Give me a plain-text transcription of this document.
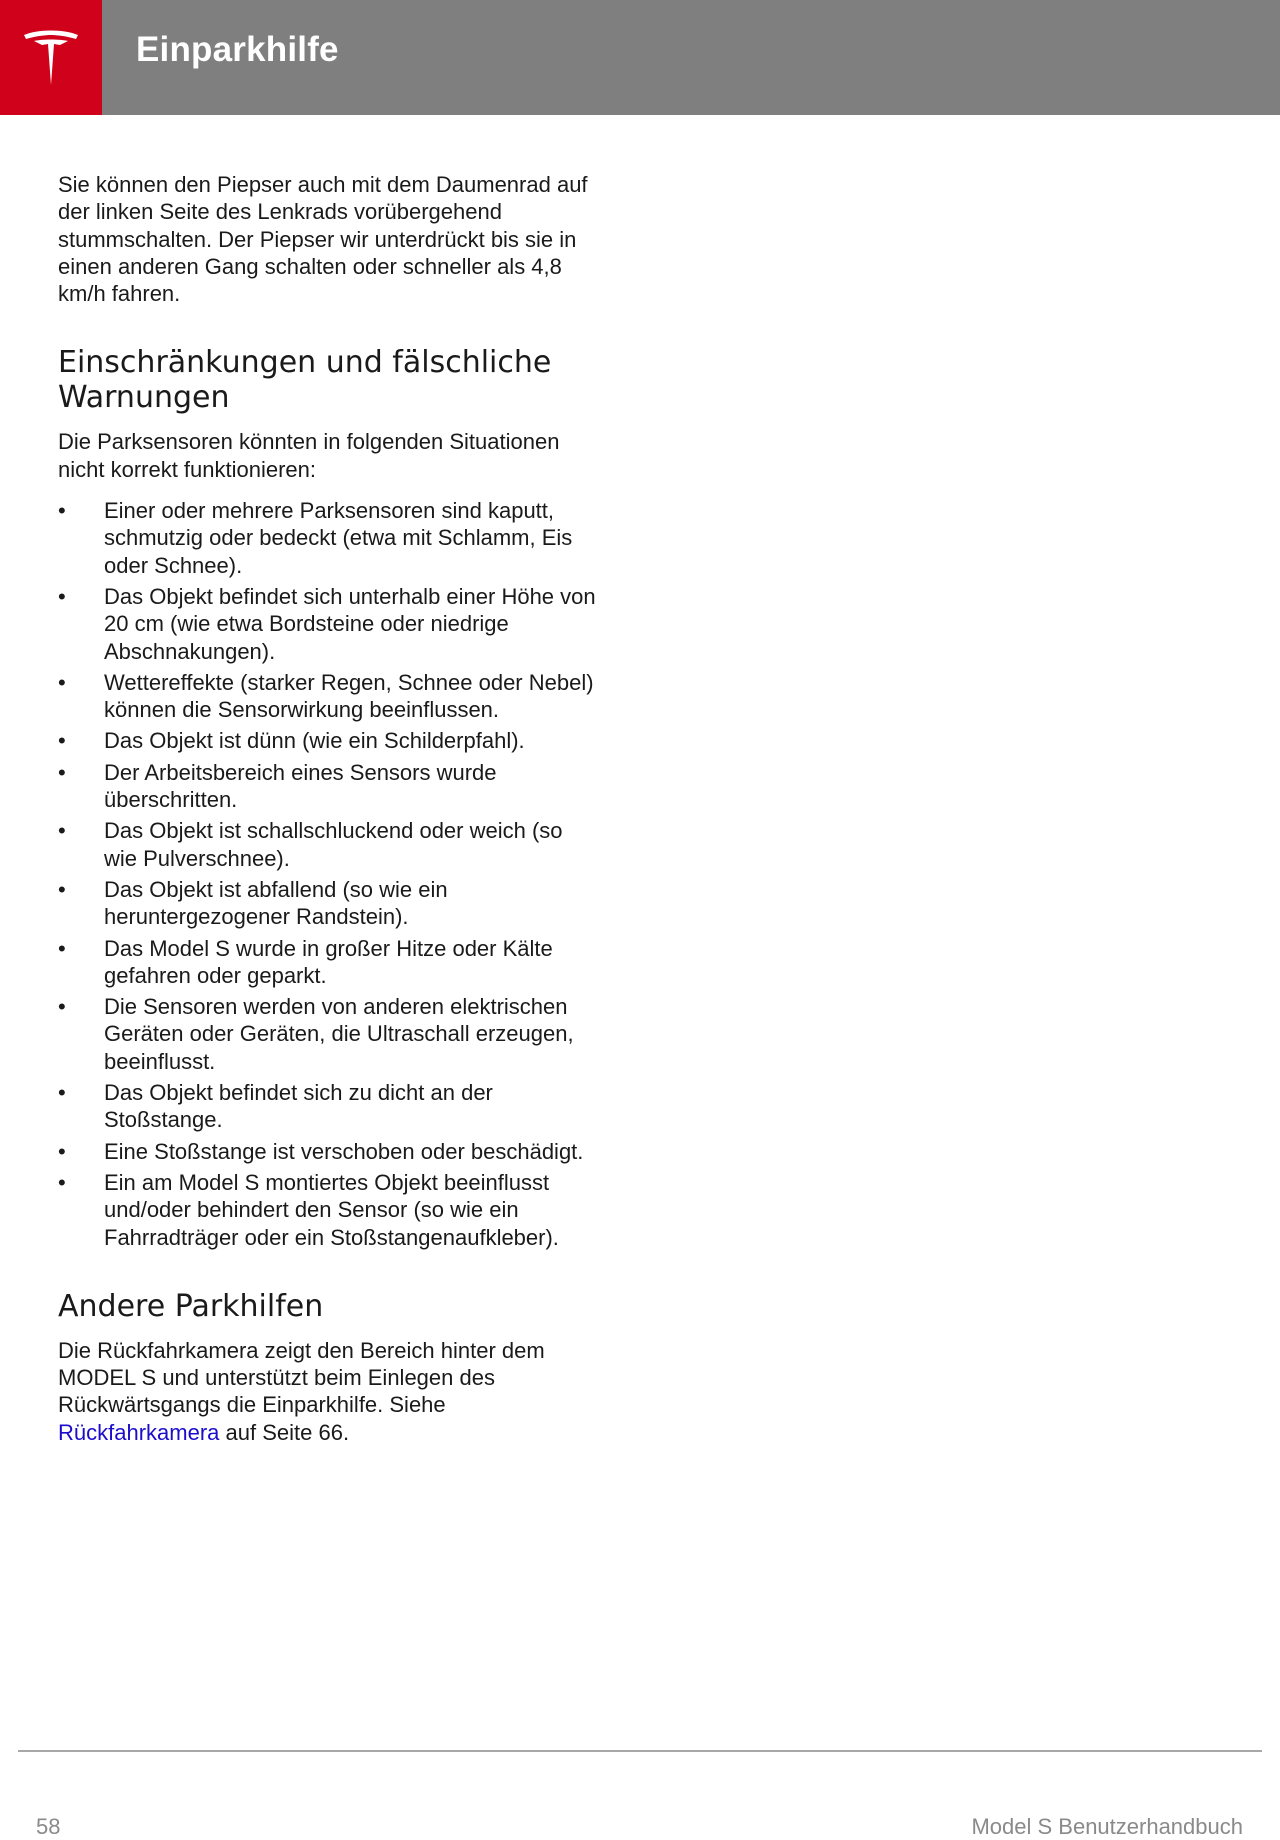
Einparkhilfe

Sie können den Piepser auch mit dem Daumenrad auf der linken Seite des Lenkrads vorübergehend stummschalten. Der Piepser wir unterdrückt bis sie in einen anderen Gang schalten oder schneller als 4,8 km/h fahren.

Einschränkungen und fälschliche Warnungen

Die Parksensoren könnten in folgenden Situationen nicht korrekt funktionieren:

• Einer oder mehrere Parksensoren sind kaputt, schmutzig oder bedeckt (etwa mit Schlamm, Eis oder Schnee).
• Das Objekt befindet sich unterhalb einer Höhe von 20 cm (wie etwa Bordsteine oder niedrige Abschnakungen).
• Wettereffekte (starker Regen, Schnee oder Nebel) können die Sensorwirkung beeinflussen.
• Das Objekt ist dünn (wie ein Schilderpfahl).
• Der Arbeitsbereich eines Sensors wurde überschritten.
• Das Objekt ist schallschluckend oder weich (so wie Pulverschnee).
• Das Objekt ist abfallend (so wie ein heruntergezogener Randstein).
• Das Model S wurde in großer Hitze oder Kälte gefahren oder geparkt.
• Die Sensoren werden von anderen elektrischen Geräten oder Geräten, die Ultraschall erzeugen, beeinflusst.
• Das Objekt befindet sich zu dicht an der Stoßstange.
• Eine Stoßstange ist verschoben oder beschädigt.
• Ein am Model S montiertes Objekt beeinflusst und/oder behindert den Sensor (so wie ein Fahrradträger oder ein Stoßstangenaufkleber).
Andere Parkhilfen

Die Rückfahrkamera zeigt den Bereich hinter dem MODEL S und unterstützt beim Einlegen des Rückwärtsgangs die Einparkhilfe. Siehe Rückfahrkamera auf Seite 66.

58	Model S Benutzerhandbuch
